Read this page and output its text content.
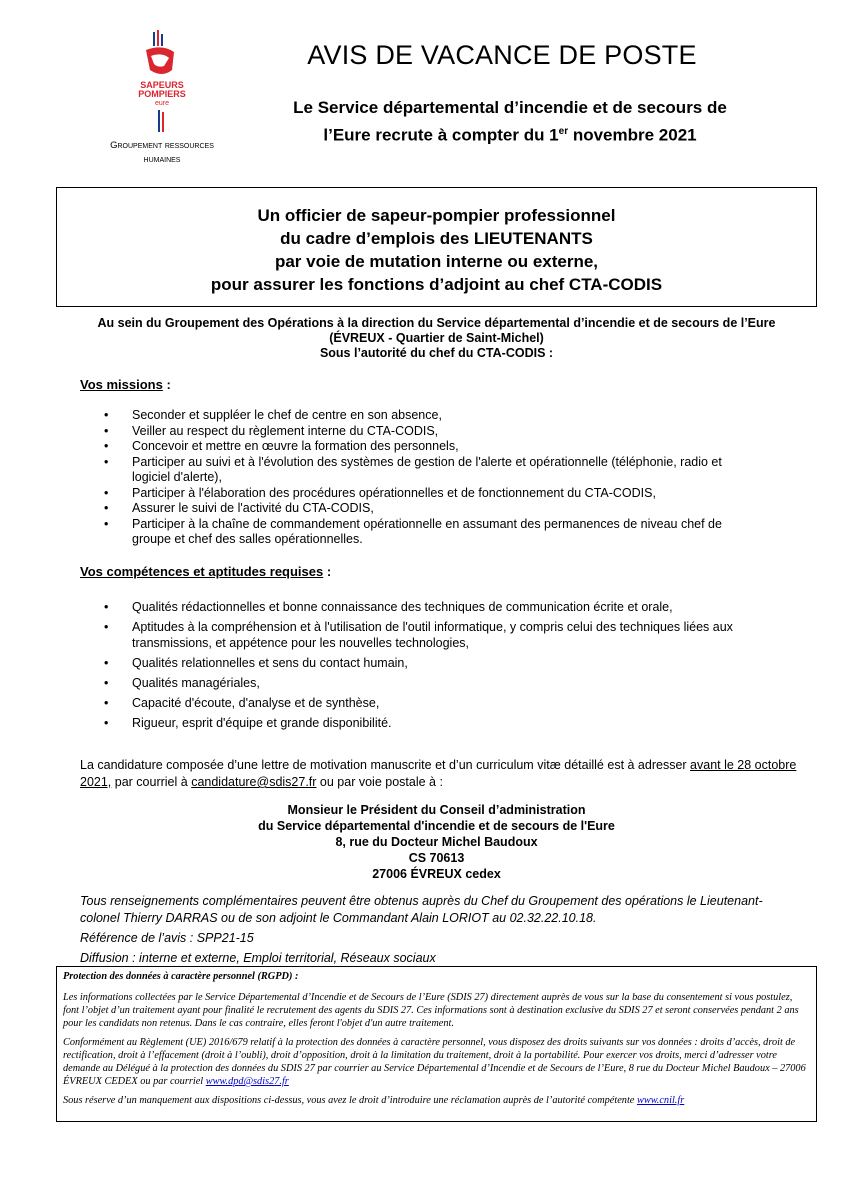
SAPEURS
POMPIERS
eure
Groupement ressources
humaines
AVIS DE VACANCE DE POSTE
Le Service départemental d’incendie et de secours de
l’Eure recrute à compter du 1er novembre 2021
Un officier de sapeur-pompier professionnel
du cadre d’emplois des LIEUTENANTS
par voie de mutation interne ou externe,
pour assurer les fonctions d’adjoint au chef CTA-CODIS
Au sein du Groupement des Opérations à la direction du Service départemental d’incendie et de secours de l’Eure
(ÉVREUX - Quartier de Saint-Michel)
Sous l’autorité du chef du CTA-CODIS :
Vos missions :
• Seconder et suppléer le chef de centre en son absence,
• Veiller au respect du règlement interne du CTA-CODIS,
• Concevoir et mettre en œuvre la formation des personnels,
• Participer au suivi et à l'évolution des systèmes de gestion de l'alerte et opérationnelle (téléphonie, radio et logiciel d'alerte),
• Participer à l'élaboration des procédures opérationnelles et de fonctionnement du CTA-CODIS,
• Assurer le suivi de l'activité du CTA-CODIS,
• Participer à la chaîne de commandement opérationnelle en assumant des permanences de niveau chef de groupe et chef des salles opérationnelles.
Vos compétences et aptitudes requises :
• Qualités rédactionnelles et bonne connaissance des techniques de communication écrite et orale,
• Aptitudes à la compréhension et à l'utilisation de l'outil informatique, y compris celui des techniques liées aux transmissions, et appétence pour les nouvelles technologies,
• Qualités relationnelles et sens du contact humain,
• Qualités managériales,
• Capacité d'écoute, d'analyse et de synthèse,
• Rigueur, esprit d'équipe et grande disponibilité.
La candidature composée d’une lettre de motivation manuscrite et d’un curriculum vitæ détaillé est à adresser avant le 28 octobre 2021, par courriel à candidature@sdis27.fr ou par voie postale à :
Monsieur le Président du Conseil d’administration
du Service départemental d'incendie et de secours de l'Eure
8, rue du Docteur Michel Baudoux
CS 70613
27006 ÉVREUX cedex

Tous renseignements complémentaires peuvent être obtenus auprès du Chef du Groupement des opérations le Lieutenant-colonel Thierry DARRAS ou de son adjoint le Commandant Alain LORIOT au 02.32.22.10.18.

Référence de l’avis : SPP21-15

Diffusion : interne et externe, Emploi territorial, Réseaux sociaux

Protection des données à caractère personnel (RGPD) :

Les informations collectées par le Service Départemental d’Incendie et de Secours de l’Eure (SDIS 27) directement auprès de vous sur la base du consentement si vous postulez, font l’objet d’un traitement ayant pour finalité le recrutement des agents du SDIS 27. Ces informations sont à destination exclusive du SDIS 27 et seront conservées pendant 2 ans pour les candidats non retenus. Dans le cas contraire, elles feront l'objet d'un autre traitement.

Conformément au Règlement (UE) 2016/679 relatif à la protection des données à caractère personnel, vous disposez des droits suivants sur vos données : droits d’accès, droit de rectification, droit à l’effacement (droit à l’oubli), droit d’opposition, droit à la limitation du traitement, droit à la portabilité. Pour exercer vos droits, merci d’adresser votre demande au Délégué à la protection des données du SDIS 27 par courrier au Service Départemental d’Incendie et de Secours de l’Eure, 8 rue du Docteur Michel Baudoux – 27006 ÉVREUX CEDEX ou par courriel www.dpd@sdis27.fr

Sous réserve d’un manquement aux dispositions ci-dessus, vous avez le droit d’introduire une réclamation auprès de l’autorité compétente www.cnil.fr
